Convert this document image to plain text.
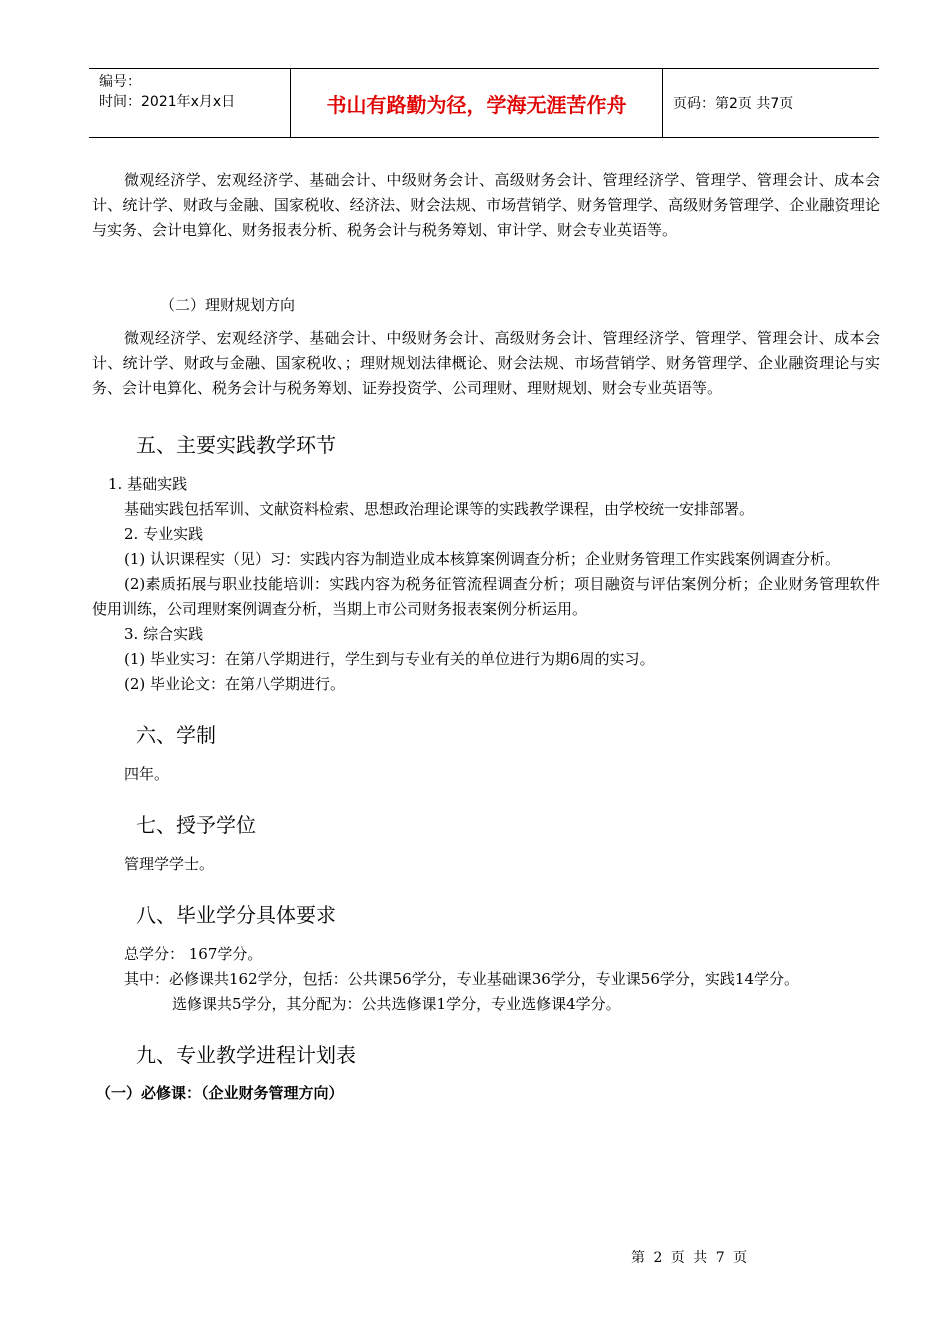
编号：
时间：2021年x月x日	书山有路勤为径，学海无涯苦作舟	页码：第2页 共7页

微观经济学、宏观经济学、基础会计、中级财务会计、高级财务会计、管理经济学、管理学、管理会计、成本会计、统计学、财政与金融、国家税收、经济法、财会法规、市场营销学、财务管理学、高级财务管理学、企业融资理论与实务、会计电算化、财务报表分析、税务会计与税务筹划、审计学、财会专业英语等。

（二）理财规划方向

微观经济学、宏观经济学、基础会计、中级财务会计、高级财务会计、管理经济学、管理学、管理会计、成本会计、统计学、财政与金融、国家税收、；理财规划法律概论、财会法规、市场营销学、财务管理学、企业融资理论与实务、会计电算化、税务会计与税务筹划、证券投资学、公司理财、理财规划、财会专业英语等。

五、主要实践教学环节

1. 基础实践

基础实践包括军训、文献资料检索、思想政治理论课等的实践教学课程，由学校统一安排部署。

2. 专业实践

(1) 认识课程实（见）习：实践内容为制造业成本核算案例调查分析；企业财务管理工作实践案例调查分析。

(2)素质拓展与职业技能培训：实践内容为税务征管流程调查分析；项目融资与评估案例分析；企业财务管理软件使用训练，公司理财案例调查分析，当期上市公司财务报表案例分析运用。

3. 综合实践

(1) 毕业实习：在第八学期进行，学生到与专业有关的单位进行为期6周的实习。

(2) 毕业论文：在第八学期进行。

六、学制

四年。

七、授予学位

管理学学士。

八、毕业学分具体要求

总学分： 167学分。

其中：必修课共162学分，包括：公共课56学分，专业基础课36学分，专业课56学分，实践14学分。

选修课共5学分，其分配为：公共选修课1学分，专业选修课4学分。

九、专业教学进程计划表

（一）必修课：（企业财务管理方向）

第 2 页 共 7 页
